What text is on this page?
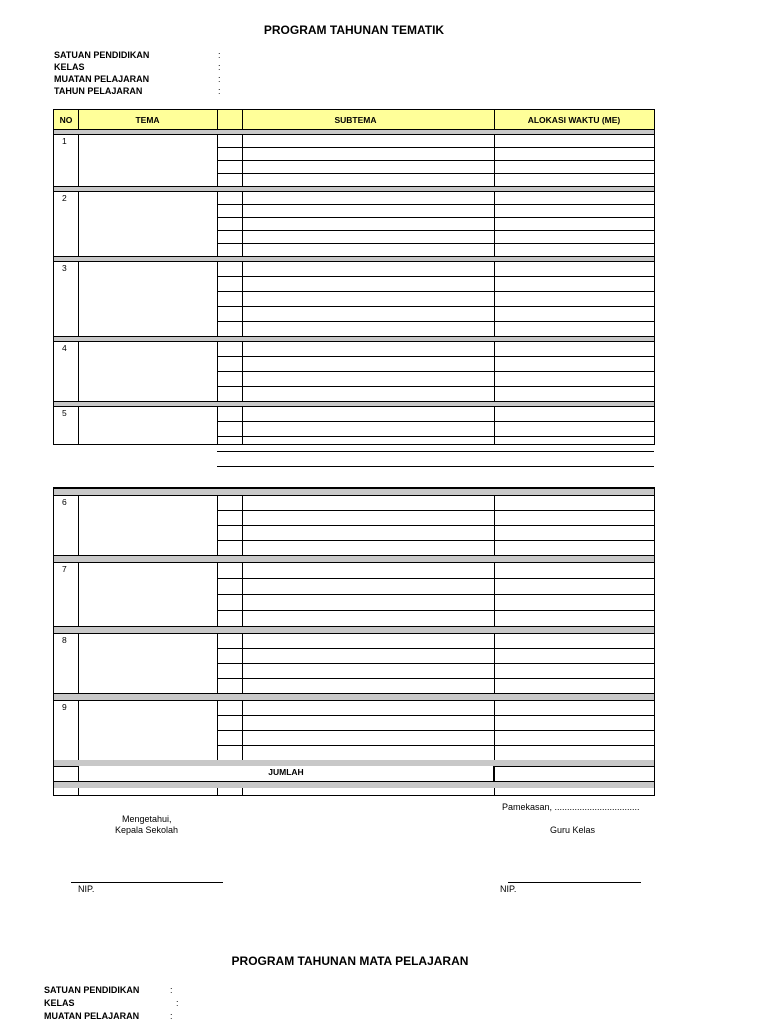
PROGRAM TAHUNAN TEMATIK
SATUAN PENDIDIKAN	:
KELAS	:
MUATAN PELAJARAN	:
TAHUN PELAJARAN	:
NO	TEMA	SUBTEMA	ALOKASI WAKTU (ME)
1
2
3
4
5
6
7
8
9
JUMLAH
Pamekasan, ..................................
Mengetahui,
Kepala Sekolah	Guru Kelas
NIP.	NIP.
PROGRAM TAHUNAN MATA PELAJARAN
SATUAN PENDIDIKAN	:
KELAS	:
MUATAN PELAJARAN	:
